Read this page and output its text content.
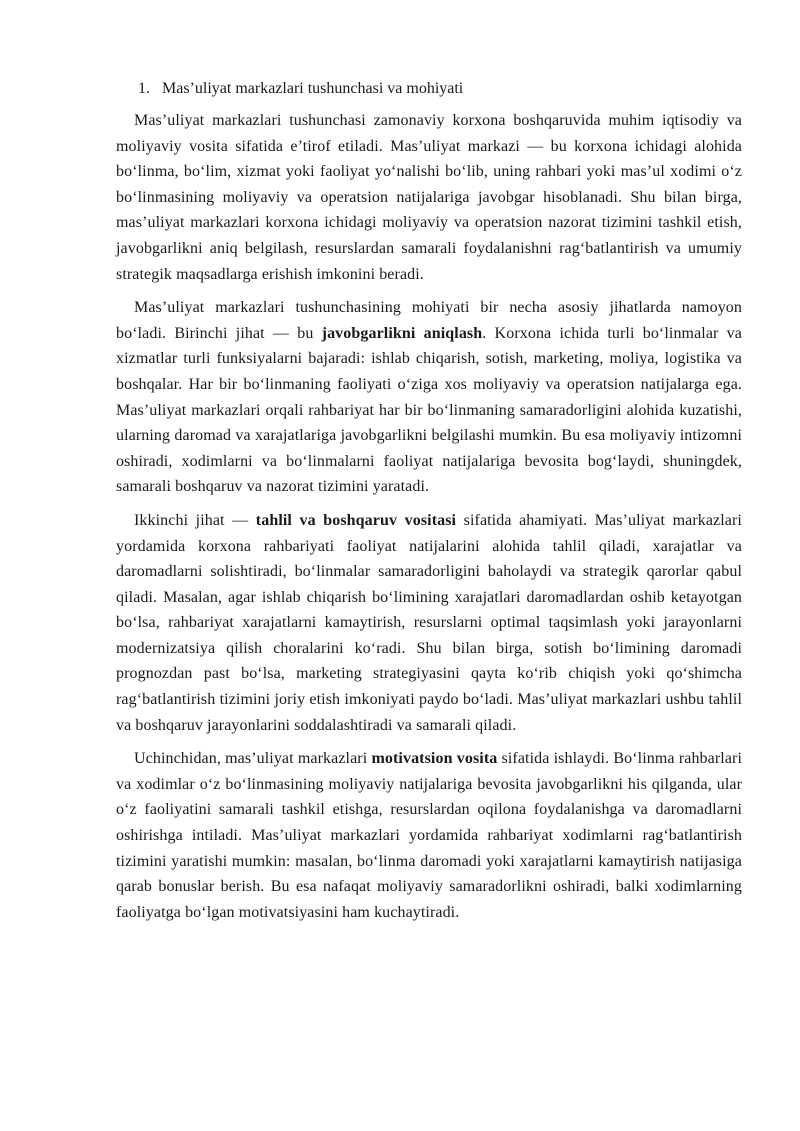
1. Mas’uliyat markazlari tushunchasi va mohiyati

Mas’uliyat markazlari tushunchasi zamonaviy korxona boshqaruvida muhim iqtisodiy va moliyaviy vosita sifatida e’tirof etiladi. Mas’uliyat markazi — bu korxona ichidagi alohida bo‘linma, bo‘lim, xizmat yoki faoliyat yo‘nalishi bo‘lib, uning rahbari yoki mas’ul xodimi o‘z bo‘linmasining moliyaviy va operatsion natijalariga javobgar hisoblanadi. Shu bilan birga, mas’uliyat markazlari korxona ichidagi moliyaviy va operatsion nazorat tizimini tashkil etish, javobgarlikni aniq belgilash, resurslardan samarali foydalanishni rag‘batlantirish va umumiy strategik maqsadlarga erishish imkonini beradi.

Mas’uliyat markazlari tushunchasining mohiyati bir necha asosiy jihatlarda namoyon bo‘ladi. Birinchi jihat — bu javobgarlikni aniqlash. Korxona ichida turli bo‘linmalar va xizmatlar turli funksiyalarni bajaradi: ishlab chiqarish, sotish, marketing, moliya, logistika va boshqalar. Har bir bo‘linmaning faoliyati o‘ziga xos moliyaviy va operatsion natijalarga ega. Mas’uliyat markazlari orqali rahbariyat har bir bo‘linmaning samaradorligini alohida kuzatishi, ularning daromad va xarajatlariga javobgarlikni belgilashi mumkin. Bu esa moliyaviy intizomni oshiradi, xodimlarni va bo‘linmalarni faoliyat natijalariga bevosita bog‘laydi, shuningdek, samarali boshqaruv va nazorat tizimini yaratadi.

Ikkinchi jihat — tahlil va boshqaruv vositasi sifatida ahamiyati. Mas’uliyat markazlari yordamida korxona rahbariyati faoliyat natijalarini alohida tahlil qiladi, xarajatlar va daromadlarni solishtiradi, bo‘linmalar samaradorligini baholaydi va strategik qarorlar qabul qiladi. Masalan, agar ishlab chiqarish bo‘limining xarajatlari daromadlardan oshib ketayotgan bo‘lsa, rahbariyat xarajatlarni kamaytirish, resurslarni optimal taqsimlash yoki jarayonlarni modernizatsiya qilish choralarini ko‘radi. Shu bilan birga, sotish bo‘limining daromadi prognozdan past bo‘lsa, marketing strategiyasini qayta ko‘rib chiqish yoki qo‘shimcha rag‘batlantirish tizimini joriy etish imkoniyati paydo bo‘ladi. Mas’uliyat markazlari ushbu tahlil va boshqaruv jarayonlarini soddalashtiradi va samarali qiladi.

Uchinchidan, mas’uliyat markazlari motivatsion vosita sifatida ishlaydi. Bo‘linma rahbarlari va xodimlar o‘z bo‘linmasining moliyaviy natijalariga bevosita javobgarlikni his qilganda, ular o‘z faoliyatini samarali tashkil etishga, resurslardan oqilona foydalanishga va daromadlarni oshirishga intiladi. Mas’uliyat markazlari yordamida rahbariyat xodimlarni rag‘batlantirish tizimini yaratishi mumkin: masalan, bo‘linma daromadi yoki xarajatlarni kamaytirish natijasiga qarab bonuslar berish. Bu esa nafaqat moliyaviy samaradorlikni oshiradi, balki xodimlarning faoliyatga bo‘lgan motivatsiyasini ham kuchaytiradi.
